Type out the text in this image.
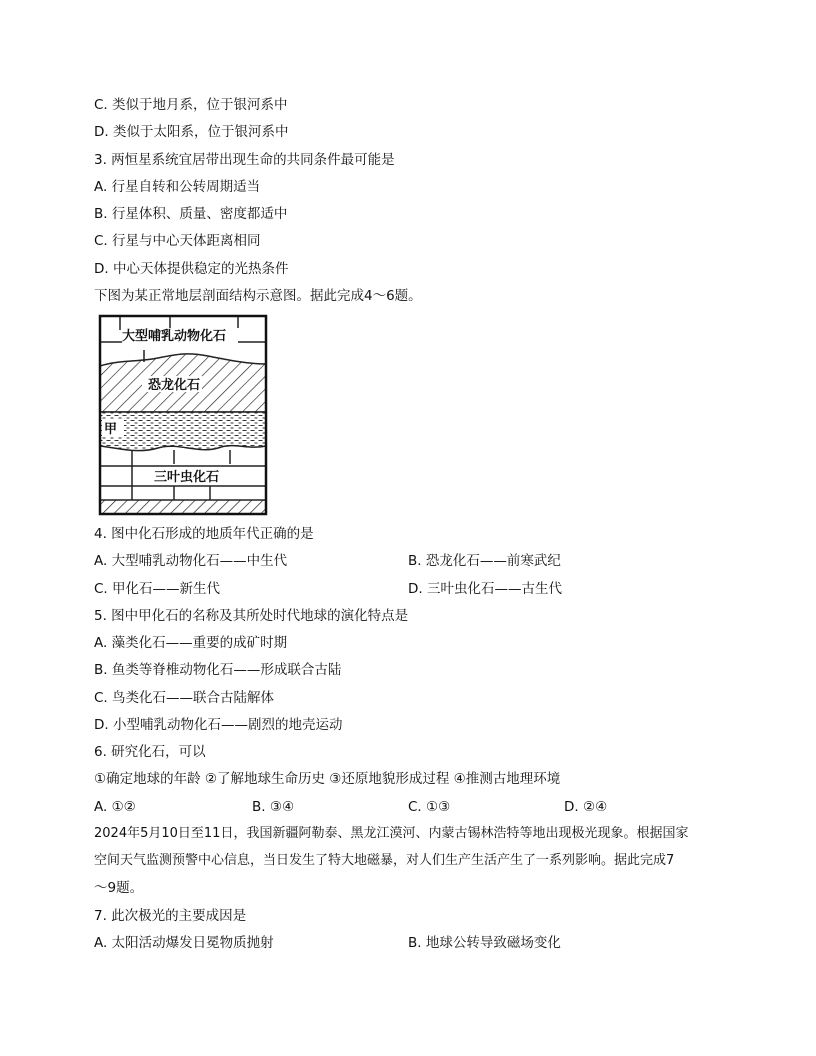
C. 类似于地月系，位于银河系中
D. 类似于太阳系，位于银河系中
3. 两恒星系统宜居带出现生命的共同条件最可能是
A. 行星自转和公转周期适当
B. 行星体积、质量、密度都适中
C. 行星与中心天体距离相同
D. 中心天体提供稳定的光热条件
下图为某正常地层剖面结构示意图。据此完成4～6题。
大型哺乳动物化石
恐龙化石
甲
三叶虫化石
4. 图中化石形成的地质年代正确的是
A. 大型哺乳动物化石——中生代	B. 恐龙化石——前寒武纪
C. 甲化石——新生代	D. 三叶虫化石——古生代
5. 图中甲化石的名称及其所处时代地球的演化特点是
A. 藻类化石——重要的成矿时期
B. 鱼类等脊椎动物化石——形成联合古陆
C. 鸟类化石——联合古陆解体
D. 小型哺乳动物化石——剧烈的地壳运动
6. 研究化石，可以
①确定地球的年龄 ②了解地球生命历史 ③还原地貌形成过程 ④推测古地理环境
A. ①②	B. ③④	C. ①③	D. ②④
2024年5月10日至11日，我国新疆阿勒泰、黑龙江漠河、内蒙古锡林浩特等地出现极光现象。根据国家
空间天气监测预警中心信息，当日发生了特大地磁暴，对人们生产生活产生了一系列影响。据此完成7
～9题。
7. 此次极光的主要成因是
A. 太阳活动爆发日冕物质抛射	B. 地球公转导致磁场变化
